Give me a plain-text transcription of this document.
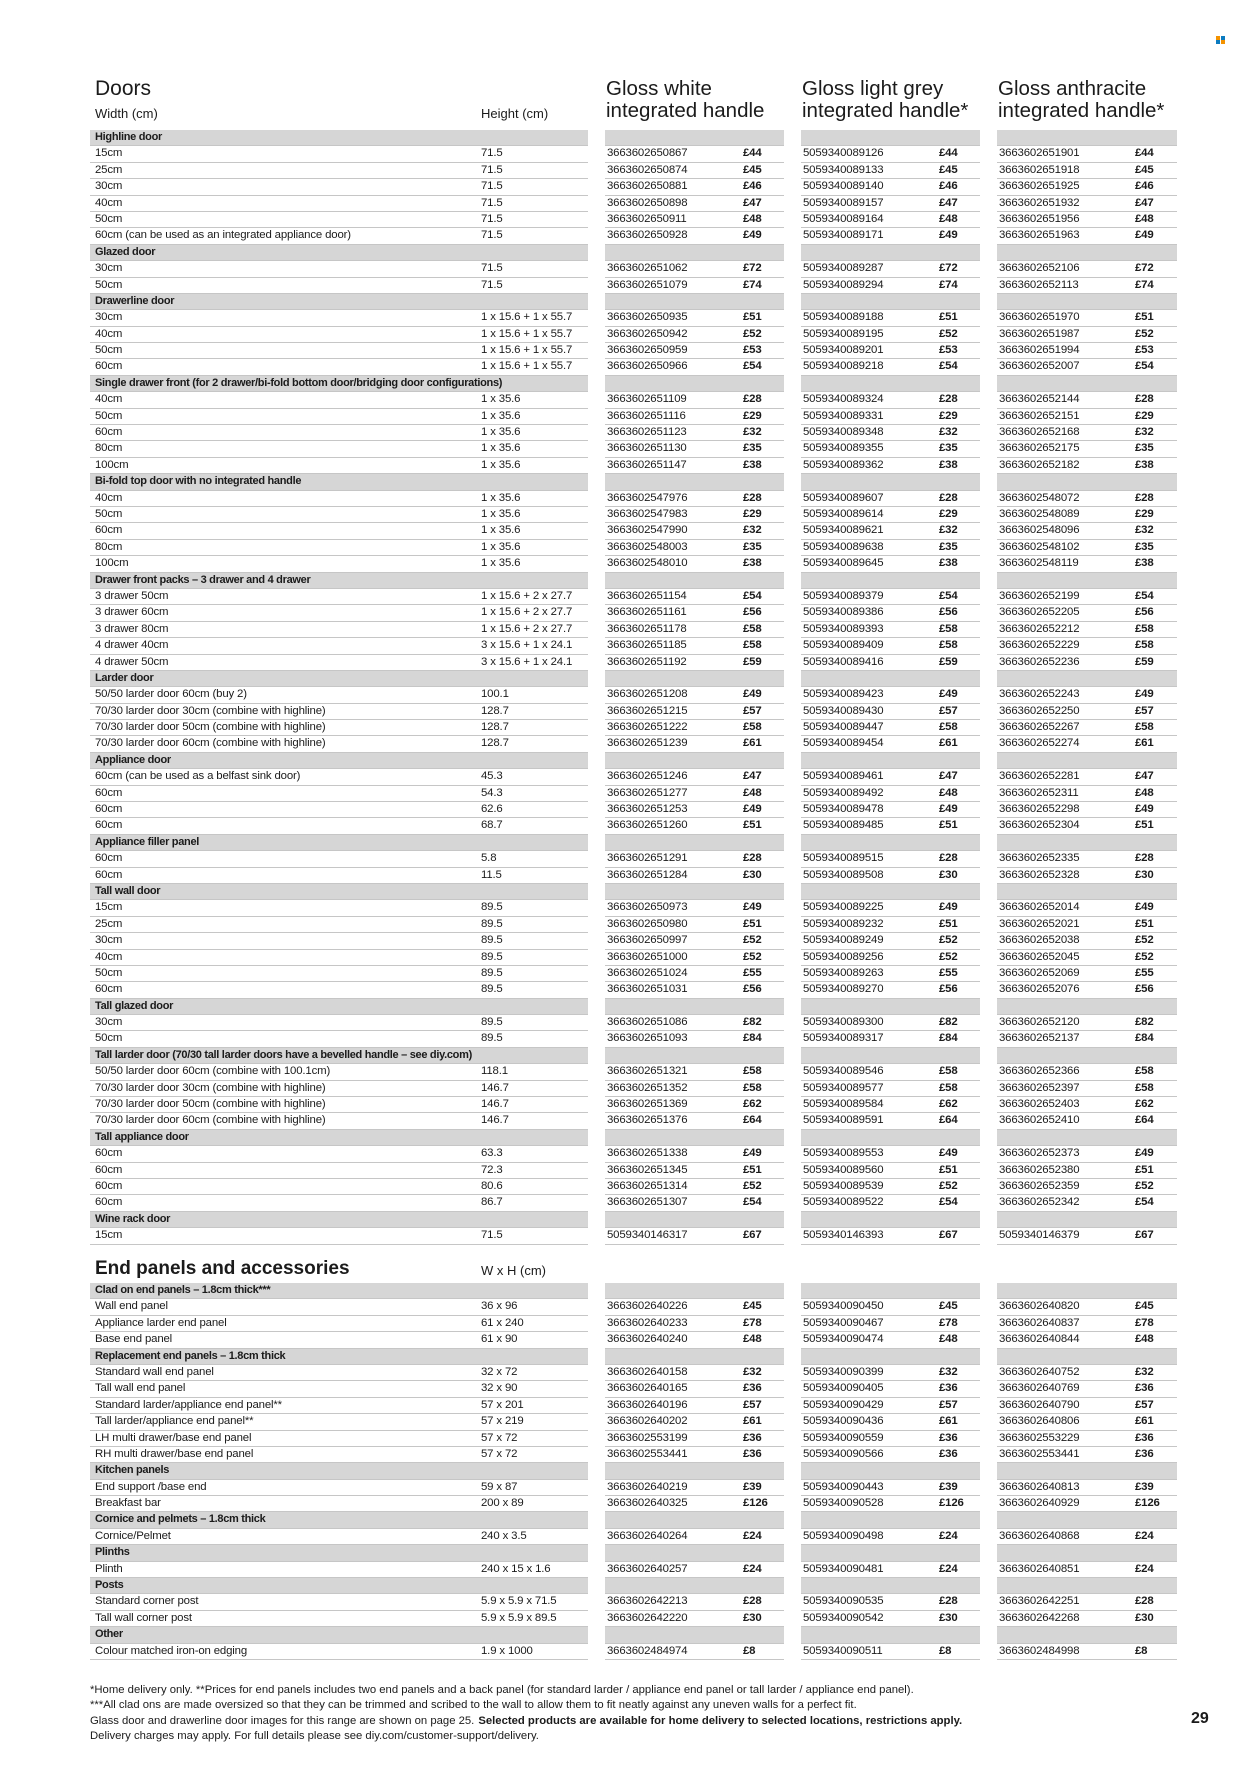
Doors
Width (cm)	Height (cm)
Gloss white
integrated handle
Gloss light grey
integrated handle*
Gloss anthracite
integrated handle*
Highline door
15cm	71.5	3663602650867	£44	5059340089126	£44	3663602651901	£44
25cm	71.5	3663602650874	£45	5059340089133	£45	3663602651918	£45
30cm	71.5	3663602650881	£46	5059340089140	£46	3663602651925	£46
40cm	71.5	3663602650898	£47	5059340089157	£47	3663602651932	£47
50cm	71.5	3663602650911	£48	5059340089164	£48	3663602651956	£48
60cm (can be used as an integrated appliance door)	71.5	3663602650928	£49	5059340089171	£49	3663602651963	£49
Glazed door
30cm	71.5	3663602651062	£72	5059340089287	£72	3663602652106	£72
50cm	71.5	3663602651079	£74	5059340089294	£74	3663602652113	£74
Drawerline door
30cm	1 x 15.6 + 1 x 55.7	3663602650935	£51	5059340089188	£51	3663602651970	£51
40cm	1 x 15.6 + 1 x 55.7	3663602650942	£52	5059340089195	£52	3663602651987	£52
50cm	1 x 15.6 + 1 x 55.7	3663602650959	£53	5059340089201	£53	3663602651994	£53
60cm	1 x 15.6 + 1 x 55.7	3663602650966	£54	5059340089218	£54	3663602652007	£54
Single drawer front (for 2 drawer/bi-fold bottom door/bridging door configurations)
40cm	1 x 35.6	3663602651109	£28	5059340089324	£28	3663602652144	£28
50cm	1 x 35.6	3663602651116	£29	5059340089331	£29	3663602652151	£29
60cm	1 x 35.6	3663602651123	£32	5059340089348	£32	3663602652168	£32
80cm	1 x 35.6	3663602651130	£35	5059340089355	£35	3663602652175	£35
100cm	1 x 35.6	3663602651147	£38	5059340089362	£38	3663602652182	£38
Bi-fold top door with no integrated handle
40cm	1 x 35.6	3663602547976	£28	5059340089607	£28	3663602548072	£28
50cm	1 x 35.6	3663602547983	£29	5059340089614	£29	3663602548089	£29
60cm	1 x 35.6	3663602547990	£32	5059340089621	£32	3663602548096	£32
80cm	1 x 35.6	3663602548003	£35	5059340089638	£35	3663602548102	£35
100cm	1 x 35.6	3663602548010	£38	5059340089645	£38	3663602548119	£38
Drawer front packs – 3 drawer and 4 drawer
3 drawer 50cm	1 x 15.6 + 2 x 27.7	3663602651154	£54	5059340089379	£54	3663602652199	£54
3 drawer 60cm	1 x 15.6 + 2 x 27.7	3663602651161	£56	5059340089386	£56	3663602652205	£56
3 drawer 80cm	1 x 15.6 + 2 x 27.7	3663602651178	£58	5059340089393	£58	3663602652212	£58
4 drawer 40cm	3 x 15.6 + 1 x 24.1	3663602651185	£58	5059340089409	£58	3663602652229	£58
4 drawer 50cm	3 x 15.6 + 1 x 24.1	3663602651192	£59	5059340089416	£59	3663602652236	£59
Larder door
50/50 larder door 60cm (buy 2)	100.1	3663602651208	£49	5059340089423	£49	3663602652243	£49
70/30 larder door 30cm (combine with highline)	128.7	3663602651215	£57	5059340089430	£57	3663602652250	£57
70/30 larder door 50cm (combine with highline)	128.7	3663602651222	£58	5059340089447	£58	3663602652267	£58
70/30 larder door 60cm (combine with highline)	128.7	3663602651239	£61	5059340089454	£61	3663602652274	£61
Appliance door
60cm (can be used as a belfast sink door)	45.3	3663602651246	£47	5059340089461	£47	3663602652281	£47
60cm	54.3	3663602651277	£48	5059340089492	£48	3663602652311	£48
60cm	62.6	3663602651253	£49	5059340089478	£49	3663602652298	£49
60cm	68.7	3663602651260	£51	5059340089485	£51	3663602652304	£51
Appliance filler panel
60cm	5.8	3663602651291	£28	5059340089515	£28	3663602652335	£28
60cm	11.5	3663602651284	£30	5059340089508	£30	3663602652328	£30
Tall wall door
15cm	89.5	3663602650973	£49	5059340089225	£49	3663602652014	£49
25cm	89.5	3663602650980	£51	5059340089232	£51	3663602652021	£51
30cm	89.5	3663602650997	£52	5059340089249	£52	3663602652038	£52
40cm	89.5	3663602651000	£52	5059340089256	£52	3663602652045	£52
50cm	89.5	3663602651024	£55	5059340089263	£55	3663602652069	£55
60cm	89.5	3663602651031	£56	5059340089270	£56	3663602652076	£56
Tall glazed door
30cm	89.5	3663602651086	£82	5059340089300	£82	3663602652120	£82
50cm	89.5	3663602651093	£84	5059340089317	£84	3663602652137	£84
Tall larder door (70/30 tall larder doors have a bevelled handle – see diy.com)
50/50 larder door 60cm (combine with 100.1cm)	118.1	3663602651321	£58	5059340089546	£58	3663602652366	£58
70/30 larder door 30cm (combine with highline)	146.7	3663602651352	£58	5059340089577	£58	3663602652397	£58
70/30 larder door 50cm (combine with highline)	146.7	3663602651369	£62	5059340089584	£62	3663602652403	£62
70/30 larder door 60cm (combine with highline)	146.7	3663602651376	£64	5059340089591	£64	3663602652410	£64
Tall appliance door
60cm	63.3	3663602651338	£49	5059340089553	£49	3663602652373	£49
60cm	72.3	3663602651345	£51	5059340089560	£51	3663602652380	£51
60cm	80.6	3663602651314	£52	5059340089539	£52	3663602652359	£52
60cm	86.7	3663602651307	£54	5059340089522	£54	3663602652342	£54
Wine rack door
15cm	71.5	5059340146317	£67	5059340146393	£67	5059340146379	£67
End panels and accessories	W x H (cm)
Clad on end panels – 1.8cm thick***
Wall end panel	36 x 96	3663602640226	£45	5059340090450	£45	3663602640820	£45
Appliance larder end panel	61 x 240	3663602640233	£78	5059340090467	£78	3663602640837	£78
Base end panel	61 x 90	3663602640240	£48	5059340090474	£48	3663602640844	£48
Replacement end panels – 1.8cm thick
Standard wall end panel	32 x 72	3663602640158	£32	5059340090399	£32	3663602640752	£32
Tall wall end panel	32 x 90	3663602640165	£36	5059340090405	£36	3663602640769	£36
Standard larder/appliance end panel**	57 x 201	3663602640196	£57	5059340090429	£57	3663602640790	£57
Tall larder/appliance end panel**	57 x 219	3663602640202	£61	5059340090436	£61	3663602640806	£61
LH multi drawer/base end panel	57 x 72	3663602553199	£36	5059340090559	£36	3663602553229	£36
RH multi drawer/base end panel	57 x 72	3663602553441	£36	5059340090566	£36	3663602553441	£36
Kitchen panels
End support /base end	59 x 87	3663602640219	£39	5059340090443	£39	3663602640813	£39
Breakfast bar	200 x 89	3663602640325	£126	5059340090528	£126	3663602640929	£126
Cornice and pelmets – 1.8cm thick
Cornice/Pelmet	240 x 3.5	3663602640264	£24	5059340090498	£24	3663602640868	£24
Plinths
Plinth	240 x 15 x 1.6	3663602640257	£24	5059340090481	£24	3663602640851	£24
Posts
Standard corner post	5.9 x 5.9 x 71.5	3663602642213	£28	5059340090535	£28	3663602642251	£28
Tall wall corner post	5.9 x 5.9 x 89.5	3663602642220	£30	5059340090542	£30	3663602642268	£30
Other
Colour matched iron-on edging	1.9 x 1000	3663602484974	£8	5059340090511	£8	3663602484998	£8
*Home delivery only. **Prices for end panels includes two end panels and a back panel (for standard larder / appliance end panel or tall larder / appliance end panel).
***All clad ons are made oversized so that they can be trimmed and scribed to the wall to allow them to fit neatly against any uneven walls for a perfect fit.
Glass door and drawerline door images for this range are shown on page 25. Selected products are available for home delivery to selected locations, restrictions apply.
Delivery charges may apply. For full details please see diy.com/customer-support/delivery.
29
